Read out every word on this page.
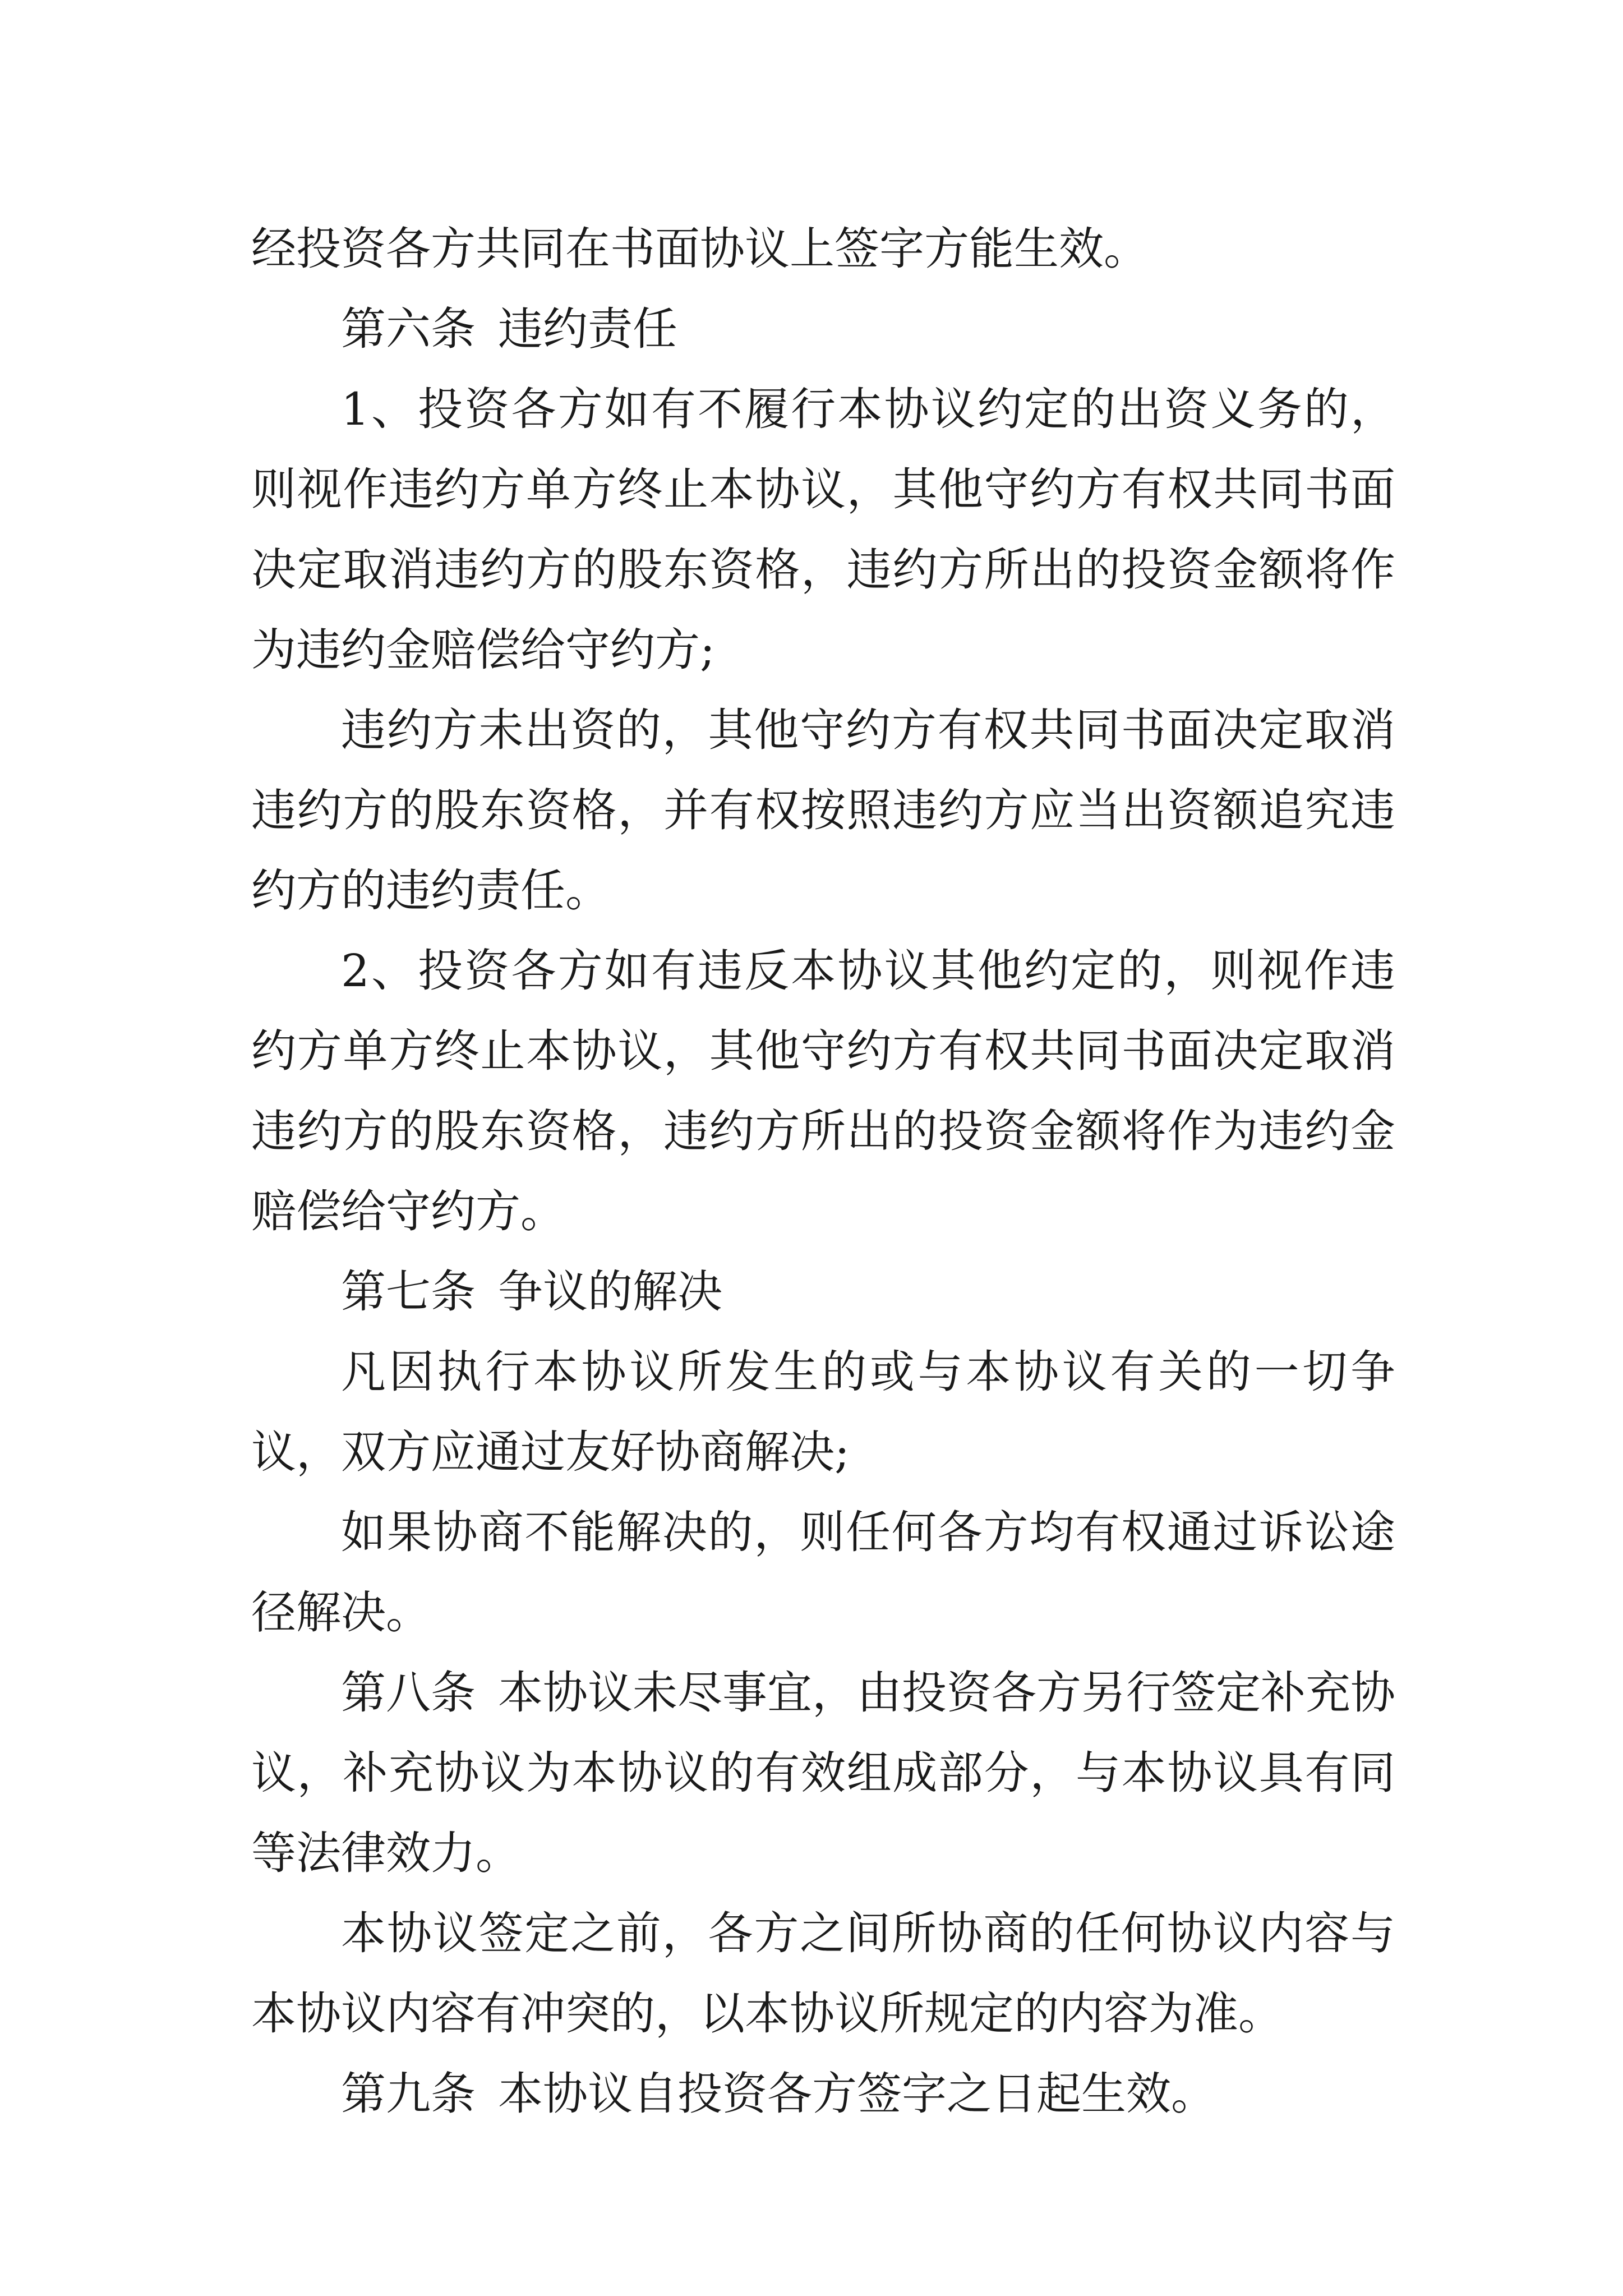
经投资各方共同在书面协议上签字方能生效。

第六条 违约责任

1、投资各方如有不履行本协议约定的出资义务的，则视作违约方单方终止本协议，其他守约方有权共同书面决定取消违约方的股东资格，违约方所出的投资金额将作为违约金赔偿给守约方;

违约方未出资的，其他守约方有权共同书面决定取消违约方的股东资格，并有权按照违约方应当出资额追究违约方的违约责任。

2、投资各方如有违反本协议其他约定的，则视作违约方单方终止本协议，其他守约方有权共同书面决定取消违约方的股东资格，违约方所出的投资金额将作为违约金赔偿给守约方。

第七条 争议的解决

凡因执行本协议所发生的或与本协议有关的一切争议，双方应通过友好协商解决;

如果协商不能解决的，则任何各方均有权通过诉讼途径解决。

第八条 本协议未尽事宜，由投资各方另行签定补充协议，补充协议为本协议的有效组成部分，与本协议具有同等法律效力。

本协议签定之前，各方之间所协商的任何协议内容与本协议内容有冲突的，以本协议所规定的内容为准。

第九条 本协议自投资各方签字之日起生效。
